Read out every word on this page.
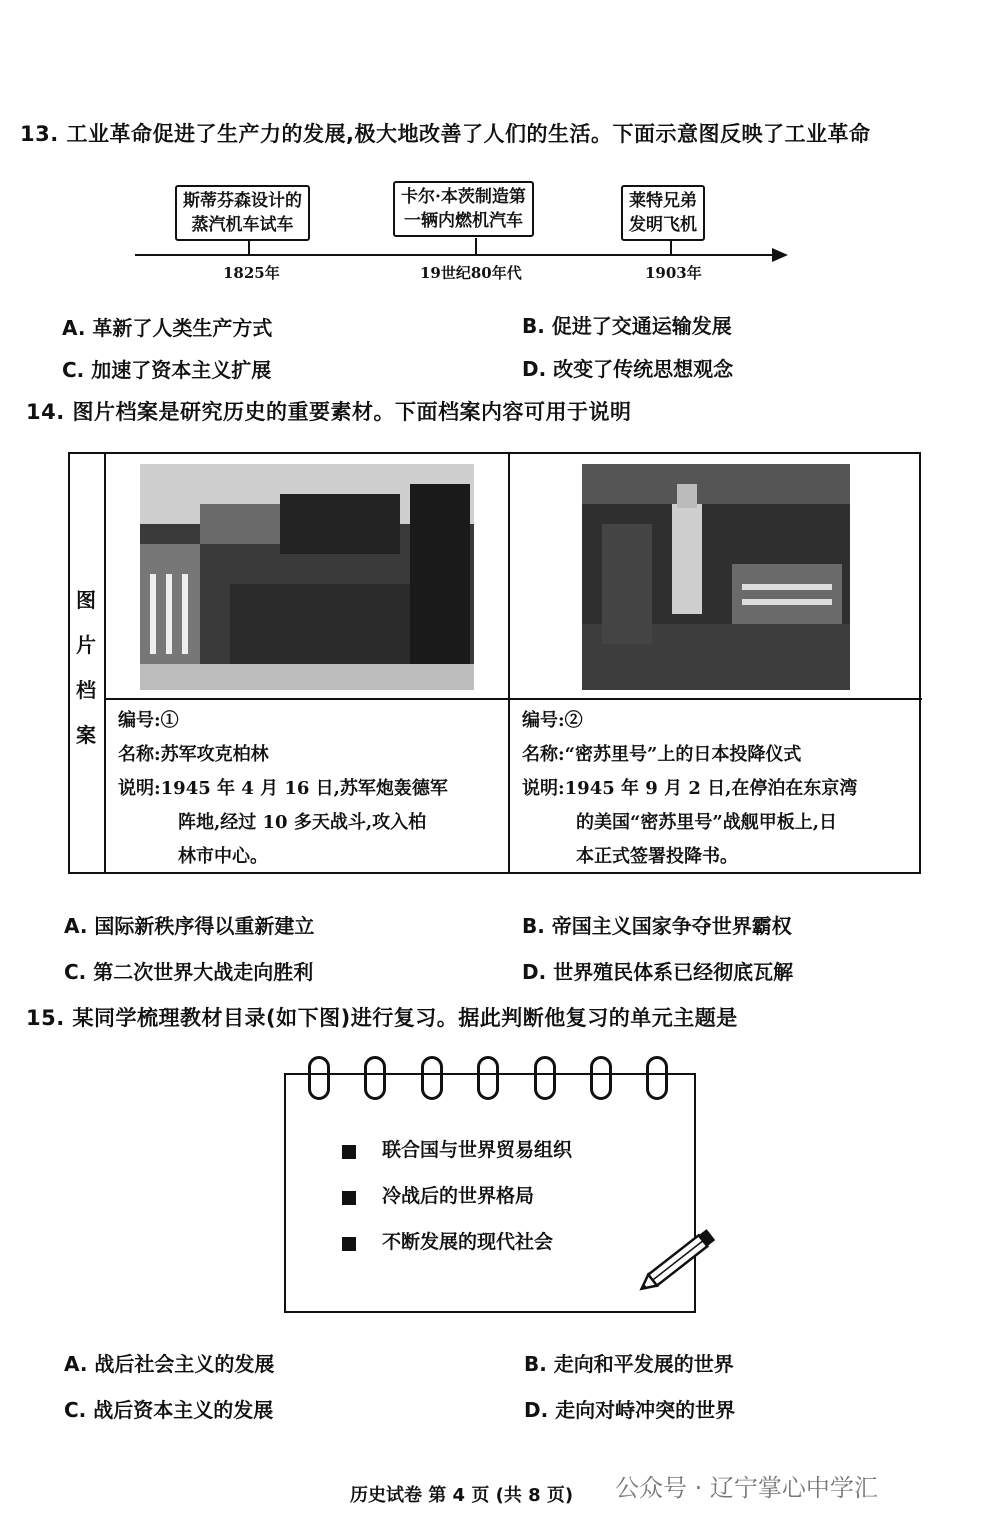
13. 工业革命促进了生产力的发展,极大地改善了人们的生活。下面示意图反映了工业革命
斯蒂芬森设计的
蒸汽机车试车
1825年
卡尔·本茨制造第
一辆内燃机汽车
19世纪80年代
莱特兄弟
发明飞机
1903年
A. 革新了人类生产方式	B. 促进了交通运输发展
C. 加速了资本主义扩展	D. 改变了传统思想观念
14. 图片档案是研究历史的重要素材。下面档案内容可用于说明
图
片
档
案
编号:①
名称:苏军攻克柏林
说明:1945 年 4 月 16 日,苏军炮轰德军
阵地,经过 10 多天战斗,攻入柏
林市中心。
编号:②
名称:“密苏里号”上的日本投降仪式
说明:1945 年 9 月 2 日,在停泊在东京湾
的美国“密苏里号”战舰甲板上,日
本正式签署投降书。
A. 国际新秩序得以重新建立	B. 帝国主义国家争夺世界霸权
C. 第二次世界大战走向胜利	D. 世界殖民体系已经彻底瓦解
15. 某同学梳理教材目录(如下图)进行复习。据此判断他复习的单元主题是
联合国与世界贸易组织
冷战后的世界格局
不断发展的现代社会
A. 战后社会主义的发展	B. 走向和平发展的世界
C. 战后资本主义的发展	D. 走向对峙冲突的世界
历史试卷 第 4 页 (共 8 页) 公众号 · 辽宁掌心中学汇
